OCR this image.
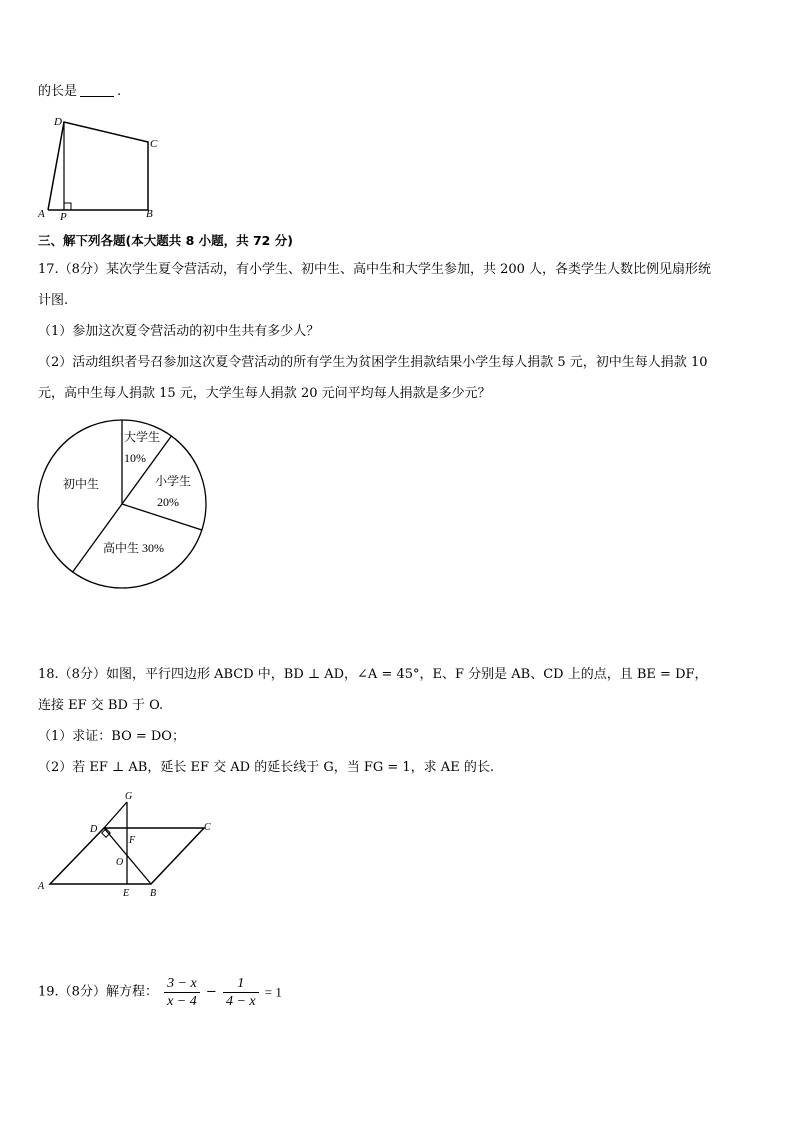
的长是	.
D
C
A P	B
三、解下列各题(本大题共 8 小题，共 72 分)
17.（8分）某次学生夏令营活动，有小学生、初中生、高中生和大学生参加，共 200 人，各类学生人数比例见扇形统
计图.
（1）参加这次夏令营活动的初中生共有多少人？
（2）活动组织者号召参加这次夏令营活动的所有学生为贫困学生捐款结果小学生每人捐款 5 元，初中生每人捐款 10
元，高中生每人捐款 15 元，大学生每人捐款 20 元问平均每人捐款是多少元？
大学生
10%
小学生
20%
高中生 30%
初中生
18.（8分）如图，平行四边形 ABCD 中，BD ⊥ AD，∠A = 45°，E、F 分别是 AB、CD 上的点，且 BE = DF，
连接 EF 交 BD 于 O.
（1）求证：BO = DO；
（2）若 EF ⊥ AB，延长 EF 交 AD 的延长线于 G，当 FG = 1，求 AE 的长.
G
D	C
F
O
A
E B
19.（8分）解方程： $\frac{3 - x}{x - 4} - \frac{1}{4 - x} = 1$
